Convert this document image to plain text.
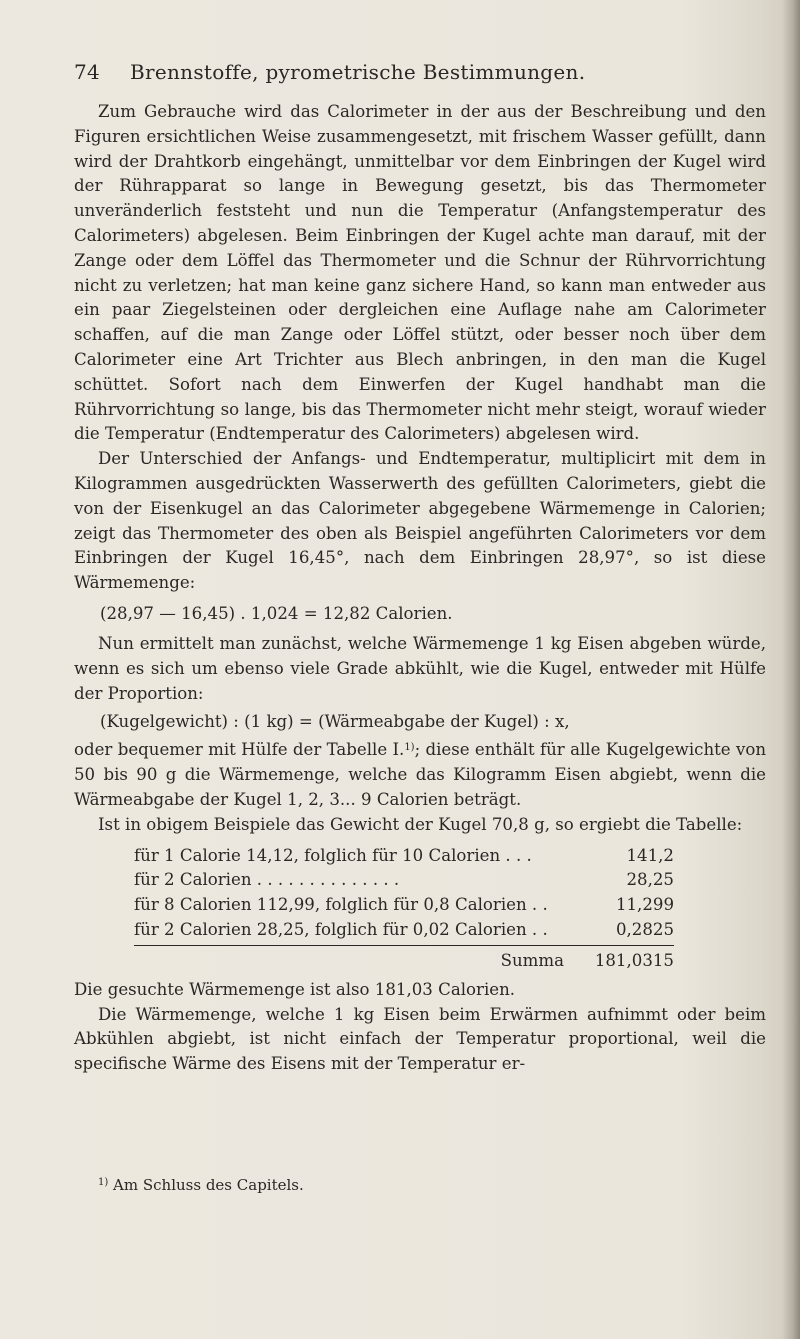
74 Brennstoffe, pyrometrische Bestimmungen.

Zum Gebrauche wird das Calorimeter in der aus der Beschreibung und den Figuren ersichtlichen Weise zusammengesetzt, mit frischem Wasser gefüllt, dann wird der Drahtkorb eingehängt, unmittelbar vor dem Einbringen der Kugel wird der Rührapparat so lange in Bewegung gesetzt, bis das Thermometer unveränderlich feststeht und nun die Temperatur (Anfangstemperatur des Calorimeters) abgelesen. Beim Einbringen der Kugel achte man darauf, mit der Zange oder dem Löffel das Thermometer und die Schnur der Rührvorrichtung nicht zu verletzen; hat man keine ganz sichere Hand, so kann man entweder aus ein paar Ziegelsteinen oder dergleichen eine Auflage nahe am Calorimeter schaffen, auf die man Zange oder Löffel stützt, oder besser noch über dem Calorimeter eine Art Trichter aus Blech anbringen, in den man die Kugel schüttet. Sofort nach dem Einwerfen der Kugel handhabt man die Rührvorrichtung so lange, bis das Thermometer nicht mehr steigt, worauf wieder die Temperatur (Endtemperatur des Calorimeters) abgelesen wird.

Der Unterschied der Anfangs- und Endtemperatur, multiplicirt mit dem in Kilogrammen ausgedrückten Wasserwerth des gefüllten Calorimeters, giebt die von der Eisenkugel an das Calorimeter abgegebene Wärmemenge in Calorien; zeigt das Thermometer des oben als Beispiel angeführten Calorimeters vor dem Einbringen der Kugel 16,45°, nach dem Einbringen 28,97°, so ist diese Wärmemenge:

(28,97 — 16,45) . 1,024 = 12,82 Calorien.

Nun ermittelt man zunächst, welche Wärmemenge 1 kg Eisen abgeben würde, wenn es sich um ebenso viele Grade abkühlt, wie die Kugel, entweder mit Hülfe der Proportion:

(Kugelgewicht) : (1 kg) = (Wärmeabgabe der Kugel) : x,

oder bequemer mit Hülfe der Tabelle I.$^{1)}$; diese enthält für alle Kugelgewichte von 50 bis 90 g die Wärmemenge, welche das Kilogramm Eisen abgiebt, wenn die Wärmeabgabe der Kugel 1, 2, 3... 9 Calorien beträgt.

Ist in obigem Beispiele das Gewicht der Kugel 70,8 g, so ergiebt die Tabelle:

für 1 Calorie 14,12, folglich für 10 Calorien . . .	141,2
für 2 Calorien . . . . . . . . . . . . . .	28,25
für 8 Calorien 112,99, folglich für 0,8 Calorien . .	11,299
für 2 Calorien 28,25, folglich für 0,02 Calorien . .	0,2825
Summa 181,0315

Die gesuchte Wärmemenge ist also 181,03 Calorien.

Die Wärmemenge, welche 1 kg Eisen beim Erwärmen aufnimmt oder beim Abkühlen abgiebt, ist nicht einfach der Temperatur proportional, weil die specifische Wärme des Eisens mit der Temperatur er-

$^{1)}$ Am Schluss des Capitels.
